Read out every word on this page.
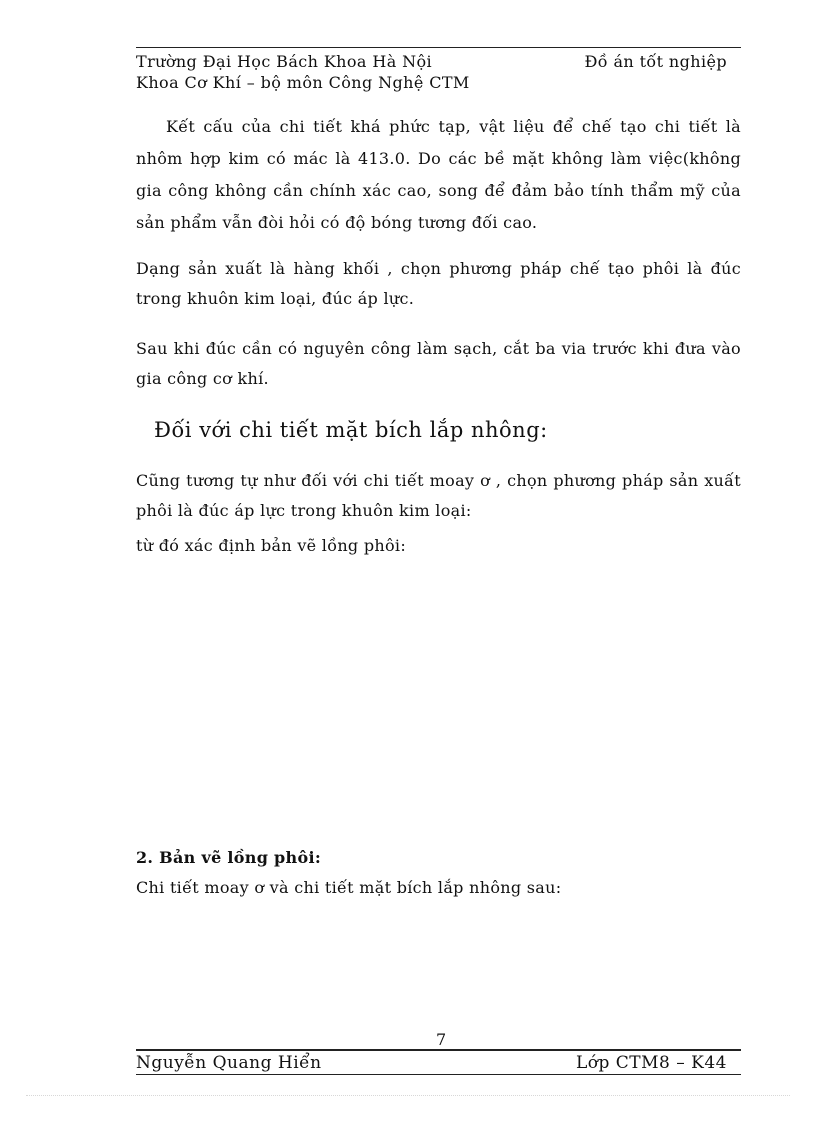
Trường Đại Học Bách Khoa Hà Nội	Đồ án tốt nghiệp
Khoa Cơ Khí – bộ môn Công Nghệ CTM
Kết cấu của chi tiết khá phức tạp, vật liệu để chế tạo chi tiết là nhôm hợp kim có mác là 413.0. Do các bề mặt không làm việc(không gia công không cần chính xác cao, song để đảm bảo tính thẩm mỹ của sản phẩm vẫn đòi hỏi có độ bóng tương đối cao.
Dạng sản xuất là hàng khối , chọn phương pháp chế tạo phôi là đúc trong khuôn kim loại, đúc áp lực.
Sau khi đúc cần có nguyên công làm sạch, cắt ba via trước khi đưa vào gia công cơ khí.
Đối với chi tiết mặt bích lắp nhông:
Cũng tương tự như đối với chi tiết moay ơ , chọn phương pháp sản xuất phôi là đúc áp lực trong khuôn kim loại:
từ đó xác định bản vẽ lồng phôi:
2. Bản vẽ lồng phôi:
Chi tiết moay ơ và chi tiết mặt bích lắp nhông sau:
7
Nguyễn Quang Hiển	Lớp CTM8 – K44
